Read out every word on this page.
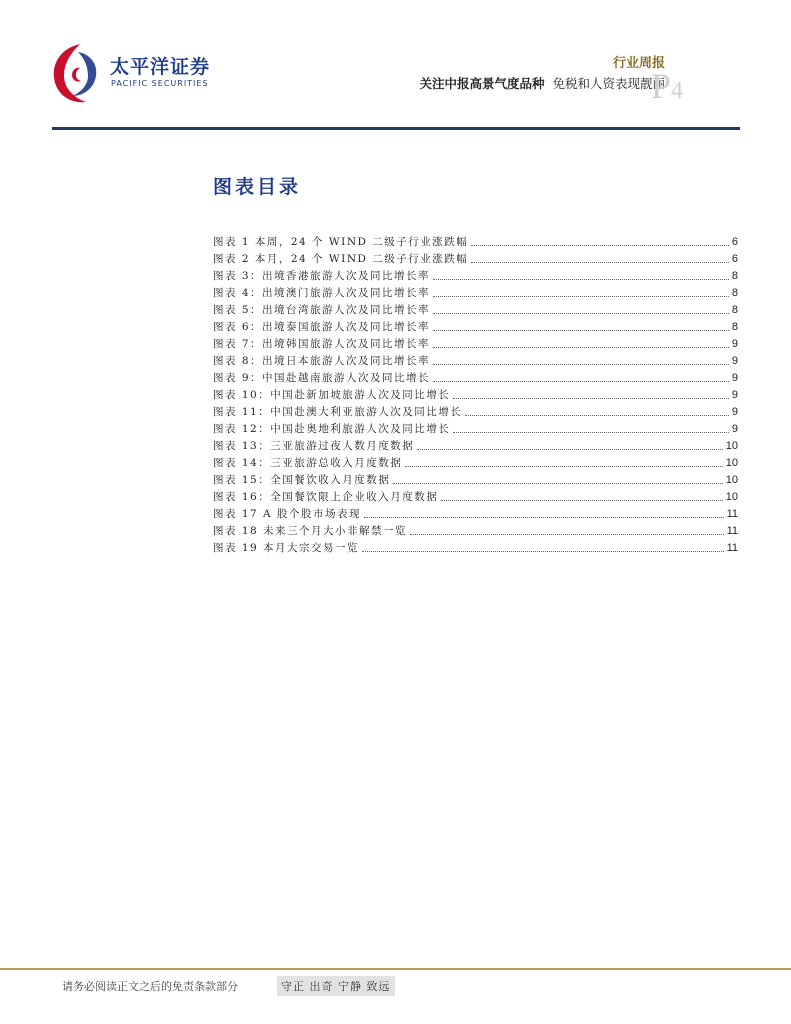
太平洋证券
PACIFIC SECURITIES
行业周报
关注中报高景气度品种 免税和人资表现靓丽
P4
图表目录
图表 1 本周，24 个 WIND 二级子行业涨跌幅	6
图表 2 本月，24 个 WIND 二级子行业涨跌幅	6
图表 3：出境香港旅游人次及同比增长率	8
图表 4：出境澳门旅游人次及同比增长率	8
图表 5：出境台湾旅游人次及同比增长率	8
图表 6：出境泰国旅游人次及同比增长率	8
图表 7：出境韩国旅游人次及同比增长率	9
图表 8：出境日本旅游人次及同比增长率	9
图表 9：中国赴越南旅游人次及同比增长	9
图表 10：中国赴新加坡旅游人次及同比增长	9
图表 11：中国赴澳大利亚旅游人次及同比增长	9
图表 12：中国赴奥地利旅游人次及同比增长	9
图表 13：三亚旅游过夜人数月度数据	10
图表 14：三亚旅游总收入月度数据	10
图表 15：全国餐饮收入月度数据	10
图表 16：全国餐饮限上企业收入月度数据	10
图表 17 A 股个股市场表现	11
图表 18 未来三个月大小非解禁一览	11
图表 19 本月大宗交易一览	11
请务必阅读正文之后的免责条款部分	守正 出奇 宁静 致远
